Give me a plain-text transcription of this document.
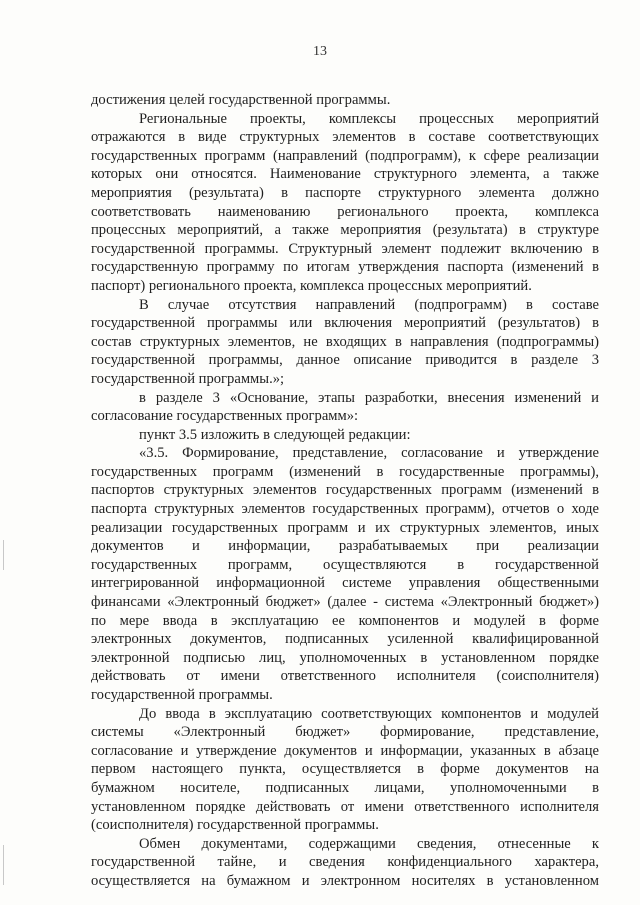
13
достижения целей государственной программы.
Региональные проекты, комплексы процессных мероприятий
отражаются в виде структурных элементов в составе соответствующих
государственных программ (направлений (подпрограмм), к сфере реализации
которых они относятся. Наименование структурного элемента, а также
мероприятия (результата) в паспорте структурного элемента должно
соответствовать наименованию регионального проекта, комплекса
процессных мероприятий, а также мероприятия (результата) в структуре
государственной программы. Структурный элемент подлежит включению в
государственную программу по итогам утверждения паспорта (изменений в
паспорт) регионального проекта, комплекса процессных мероприятий.
В случае отсутствия направлений (подпрограмм) в составе
государственной программы или включения мероприятий (результатов) в
состав структурных элементов, не входящих в направления (подпрограммы)
государственной программы, данное описание приводится в разделе 3
государственной программы.»;
в разделе 3 «Основание, этапы разработки, внесения изменений и
согласование государственных программ»:
пункт 3.5 изложить в следующей редакции:
«3.5. Формирование, представление, согласование и утверждение
государственных программ (изменений в государственные программы),
паспортов структурных элементов государственных программ (изменений в
паспорта структурных элементов государственных программ), отчетов о ходе
реализации государственных программ и их структурных элементов, иных
документов и информации, разрабатываемых при реализации
государственных программ, осуществляются в государственной
интегрированной информационной системе управления общественными
финансами «Электронный бюджет» (далее - система «Электронный бюджет»)
по мере ввода в эксплуатацию ее компонентов и модулей в форме
электронных документов, подписанных усиленной квалифицированной
электронной подписью лиц, уполномоченных в установленном порядке
действовать от имени ответственного исполнителя (соисполнителя)
государственной программы.
До ввода в эксплуатацию соответствующих компонентов и модулей
системы «Электронный бюджет» формирование, представление,
согласование и утверждение документов и информации, указанных в абзаце
первом настоящего пункта, осуществляется в форме документов на
бумажном носителе, подписанных лицами, уполномоченными в
установленном порядке действовать от имени ответственного исполнителя
(соисполнителя) государственной программы.
Обмен документами, содержащими сведения, отнесенные к
государственной тайне, и сведения конфиденциального характера,
осуществляется на бумажном и электронном носителях в установленном
